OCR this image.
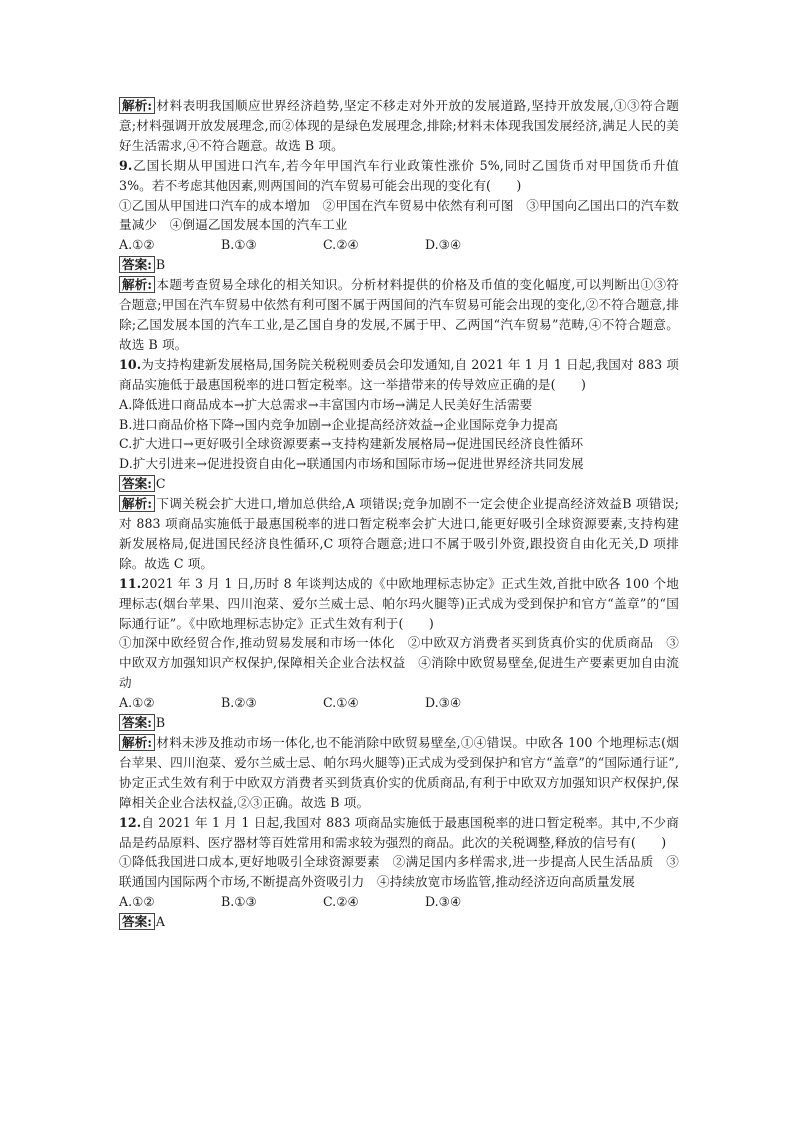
解析: 材料表明我国顺应世界经济趋势,坚定不移走对外开放的发展道路,坚持开放发展,①③符合题意;材料强调开放发展理念,而②体现的是绿色发展理念,排除;材料未体现我国发展经济,满足人民的美好生活需求,④不符合题意。故选 B 项。

9.乙国长期从甲国进口汽车,若今年甲国汽车行业政策性涨价 5%,同时乙国货币对甲国货币升值 3%。若不考虑其他因素,则两国间的汽车贸易可能会出现的变化有(　　)

①乙国从甲国进口汽车的成本增加　②甲国在汽车贸易中依然有利可图　③甲国向乙国出口的汽车数量减少　④倒逼乙国发展本国的汽车工业

A.①②	B.①③	C.②④	D.③④
答案: B

解析: 本题考查贸易全球化的相关知识。分析材料提供的价格及币值的变化幅度,可以判断出①③符合题意;甲国在汽车贸易中依然有利可图不属于两国间的汽车贸易可能会出现的变化,②不符合题意,排除;乙国发展本国的汽车工业,是乙国自身的发展,不属于甲、乙两国“汽车贸易”范畴,④不符合题意。故选 B 项。

10.为支持构建新发展格局,国务院关税税则委员会印发通知,自 2021 年 1 月 1 日起,我国对 883 项商品实施低于最惠国税率的进口暂定税率。这一举措带来的传导效应正确的是(　　)

A.降低进口商品成本→扩大总需求→丰富国内市场→满足人民美好生活需要

B.进口商品价格下降→国内竞争加剧→企业提高经济效益→企业国际竞争力提高

C.扩大进口→更好吸引全球资源要素→支持构建新发展格局→促进国民经济良性循环

D.扩大引进来→促进投资自由化→联通国内市场和国际市场→促进世界经济共同发展

答案: C

解析: 下调关税会扩大进口,增加总供给,A 项错误;竞争加剧不一定会使企业提高经济效益B 项错误;对 883 项商品实施低于最惠国税率的进口暂定税率会扩大进口,能更好吸引全球资源要素,支持构建新发展格局,促进国民经济良性循环,C 项符合题意;进口不属于吸引外资,跟投资自由化无关,D 项排除。故选 C 项。

11.2021 年 3 月 1 日,历时 8 年谈判达成的《中欧地理标志协定》正式生效,首批中欧各 100 个地理标志(烟台苹果、四川泡菜、爱尔兰威士忌、帕尔玛火腿等)正式成为受到保护和官方“盖章”的“国际通行证”。《中欧地理标志协定》正式生效有利于(　　)

①加深中欧经贸合作,推动贸易发展和市场一体化　②中欧双方消费者买到货真价实的优质商品　③中欧双方加强知识产权保护,保障相关企业合法权益　④消除中欧贸易壁垒,促进生产要素更加自由流动

A.①②	B.②③	C.①④	D.③④
答案: B

解析: 材料未涉及推动市场一体化,也不能消除中欧贸易壁垒,①④错误。中欧各 100 个地理标志(烟台苹果、四川泡菜、爱尔兰威士忌、帕尔玛火腿等)正式成为受到保护和官方“盖章”的“国际通行证”,协定正式生效有利于中欧双方消费者买到货真价实的优质商品,有利于中欧双方加强知识产权保护,保障相关企业合法权益,②③正确。故选 B 项。

12.自 2021 年 1 月 1 日起,我国对 883 项商品实施低于最惠国税率的进口暂定税率。其中,不少商品是药品原料、医疗器材等百姓常用和需求较为强烈的商品。此次的关税调整,释放的信号有(　　)

①降低我国进口成本,更好地吸引全球资源要素　②满足国内多样需求,进一步提高人民生活品质　③联通国内国际两个市场,不断提高外资吸引力　④持续放宽市场监管,推动经济迈向高质量发展

A.①②	B.①③	C.②④	D.③④
答案: A
